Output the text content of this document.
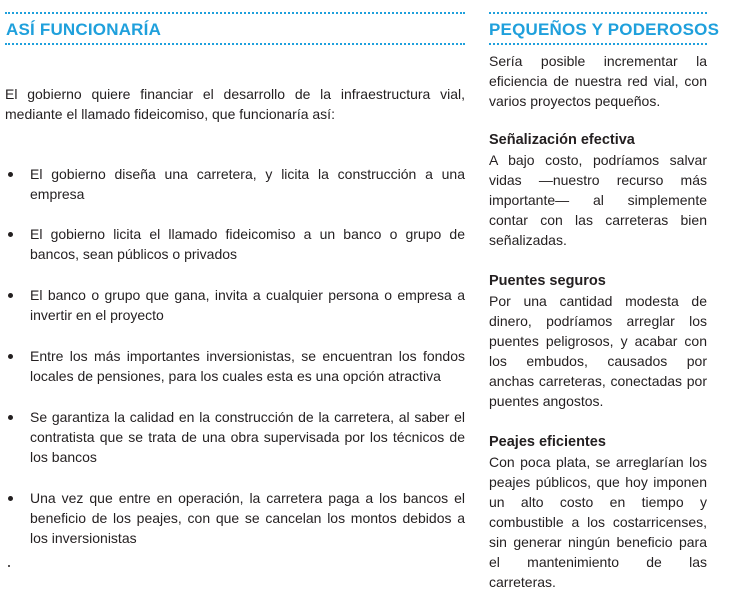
ASÍ FUNCIONARÍA
El gobierno quiere financiar el desarrollo de la infraestructura vial, mediante el llamado fideicomiso, que funcionaría así:
El gobierno diseña una carretera, y licita la construcción a una empresa
El gobierno licita el llamado fideicomiso a un banco o grupo de bancos, sean públicos o privados
El banco o grupo que gana, invita a cualquier persona o empresa a invertir en el proyecto
Entre los más importantes inversionistas, se encuentran los fondos locales de pensiones, para los cuales esta es una opción atractiva
Se garantiza la calidad en la construcción de la carretera, al saber el contratista que se trata de una obra supervisada por los técnicos de los bancos
Una vez que entre en operación, la carretera paga a los bancos el beneficio de los peajes, con que se cancelan los montos debidos a los inversionistas
PEQUEÑOS Y PODEROSOS
Sería posible incrementar la eficiencia de nuestra red vial, con varios proyectos pequeños.
Señalización efectiva

A bajo costo, podríamos salvar vidas —nuestro recurso más importante— al simplemente contar con las carreteras bien señalizadas.

Puentes seguros

Por una cantidad modesta de dinero, podríamos arreglar los puentes peligrosos, y acabar con los embudos, causados por anchas carreteras, conectadas por puentes angostos.

Peajes eficientes

Con poca plata, se arreglarían los peajes públicos, que hoy imponen un alto costo en tiempo y combustible a los costarricenses, sin generar ningún beneficio para el mantenimiento de las carreteras.
